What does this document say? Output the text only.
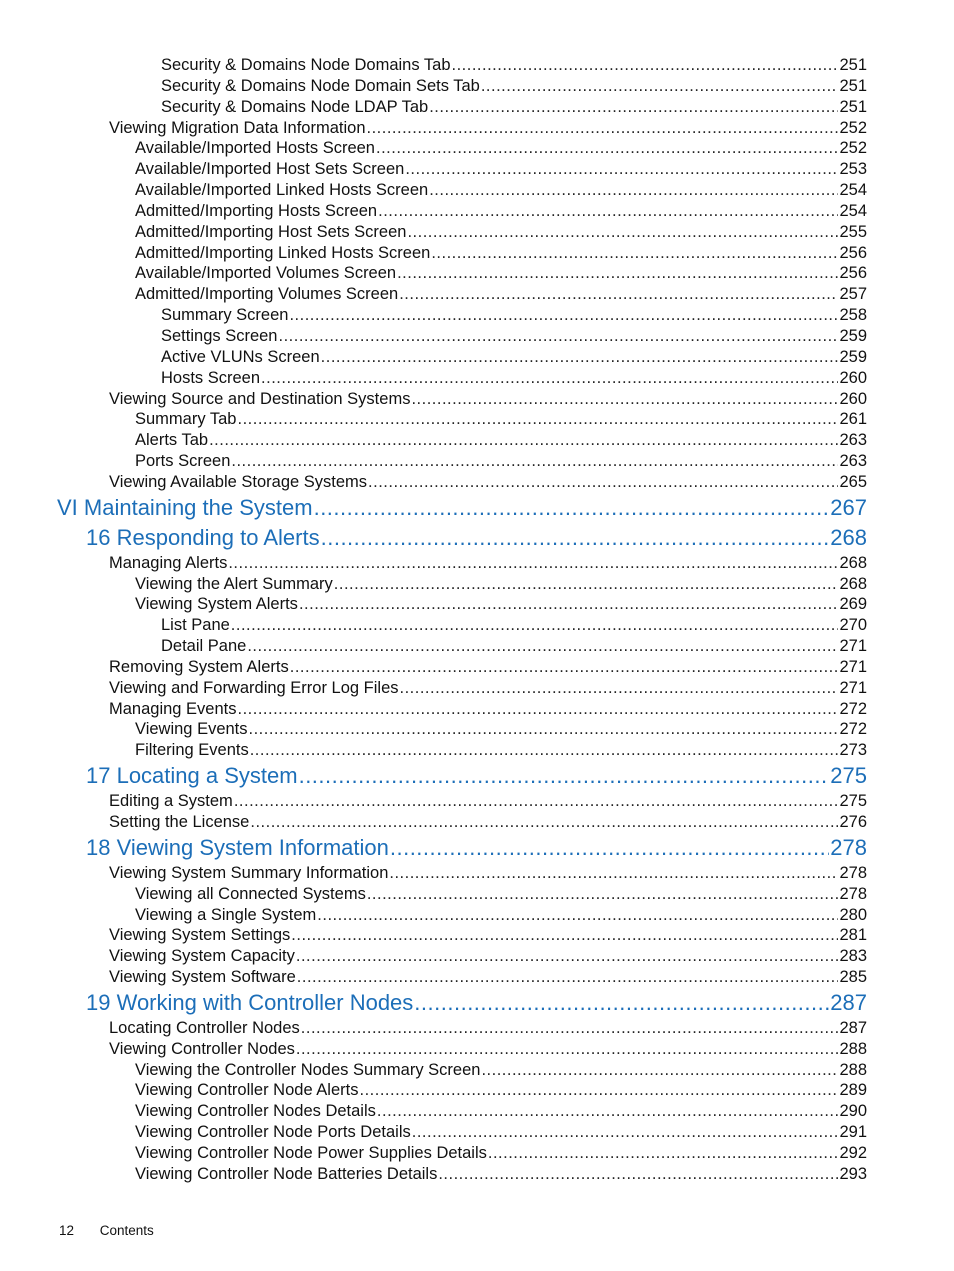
Security & Domains Node Domains Tab .....	251
Security & Domains Node Domain Sets Tab .....	251
Security & Domains Node LDAP Tab .....	251
Viewing Migration Data Information .....	252
Available/Imported Hosts Screen .....	252
Available/Imported Host Sets Screen .....	253
Available/Imported Linked Hosts Screen .....	254
Admitted/Importing Hosts Screen .....	254
Admitted/Importing Host Sets Screen .....	255
Admitted/Importing Linked Hosts Screen .....	256
Available/Imported Volumes Screen .....	256
Admitted/Importing Volumes Screen .....	257
Summary Screen .....	258
Settings Screen .....	259
Active VLUNs Screen .....	259
Hosts Screen .....	260
Viewing Source and Destination Systems .....	260
Summary Tab .....	261
Alerts Tab .....	263
Ports Screen .....	263
Viewing Available Storage Systems .....	265
VI Maintaining the System .....	267
16 Responding to Alerts .....	268
Managing Alerts .....	268
Viewing the Alert Summary .....	268
Viewing System Alerts .....	269
List Pane .....	270
Detail Pane .....	271
Removing System Alerts .....	271
Viewing and Forwarding Error Log Files .....	271
Managing Events .....	272
Viewing Events .....	272
Filtering Events .....	273
17 Locating a System .....	275
Editing a System .....	275
Setting the License .....	276
18 Viewing System Information .....	278
Viewing System Summary Information .....	278
Viewing all Connected Systems .....	278
Viewing a Single System .....	280
Viewing System Settings .....	281
Viewing System Capacity .....	283
Viewing System Software .....	285
19 Working with Controller Nodes .....	287
Locating Controller Nodes .....	287
Viewing Controller Nodes .....	288
Viewing the Controller Nodes Summary Screen .....	288
Viewing Controller Node Alerts .....	289
Viewing Controller Nodes Details .....	290
Viewing Controller Node Ports Details .....	291
Viewing Controller Node Power Supplies Details .....	292
Viewing Controller Node Batteries Details .....	293
12 Contents
